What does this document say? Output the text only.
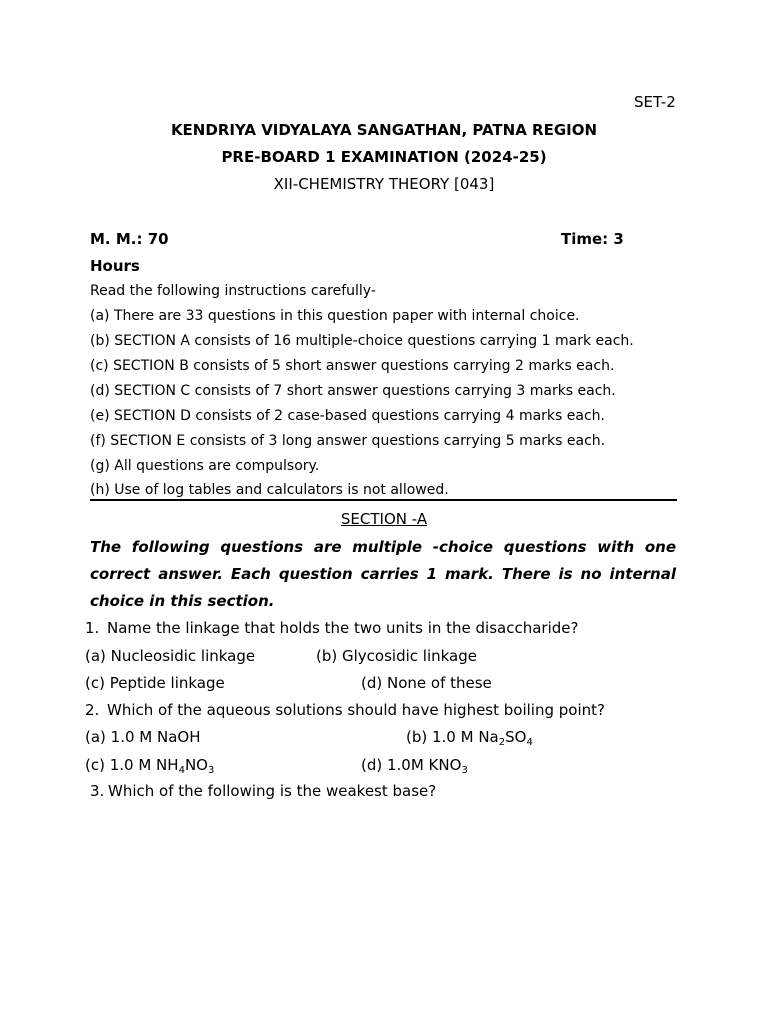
SET-2
KENDRIYA VIDYALAYA SANGATHAN, PATNA REGION
PRE-BOARD 1 EXAMINATION (2024-25)
XII-CHEMISTRY THEORY [043]
M. M.: 70	Time: 3
Hours
Read the following instructions carefully-
(a) There are 33 questions in this question paper with internal choice.
(b) SECTION A consists of 16 multiple-choice questions carrying 1 mark each.
(c) SECTION B consists of 5 short answer questions carrying 2 marks each.
(d) SECTION C consists of 7 short answer questions carrying 3 marks each.
(e) SECTION D consists of 2 case-based questions carrying 4 marks each.
(f) SECTION E consists of 3 long answer questions carrying 5 marks each.
(g) All questions are compulsory.
(h) Use of log tables and calculators is not allowed.
SECTION -A
The following questions are multiple -choice questions with one correct answer. Each question carries 1 mark. There is no internal choice in this section.
1. Name the linkage that holds the two units in the disaccharide?
(a) Nucleosidic linkage	(b) Glycosidic linkage
(c) Peptide linkage	(d) None of these
2. Which of the aqueous solutions should have highest boiling point?
(a) 1.0 M NaOH	(b) 1.0 M $Na_2SO_4$
(c) 1.0 M $NH_4NO_3$	(d) 1.0M $KNO_3$
3. Which of the following is the weakest base?
